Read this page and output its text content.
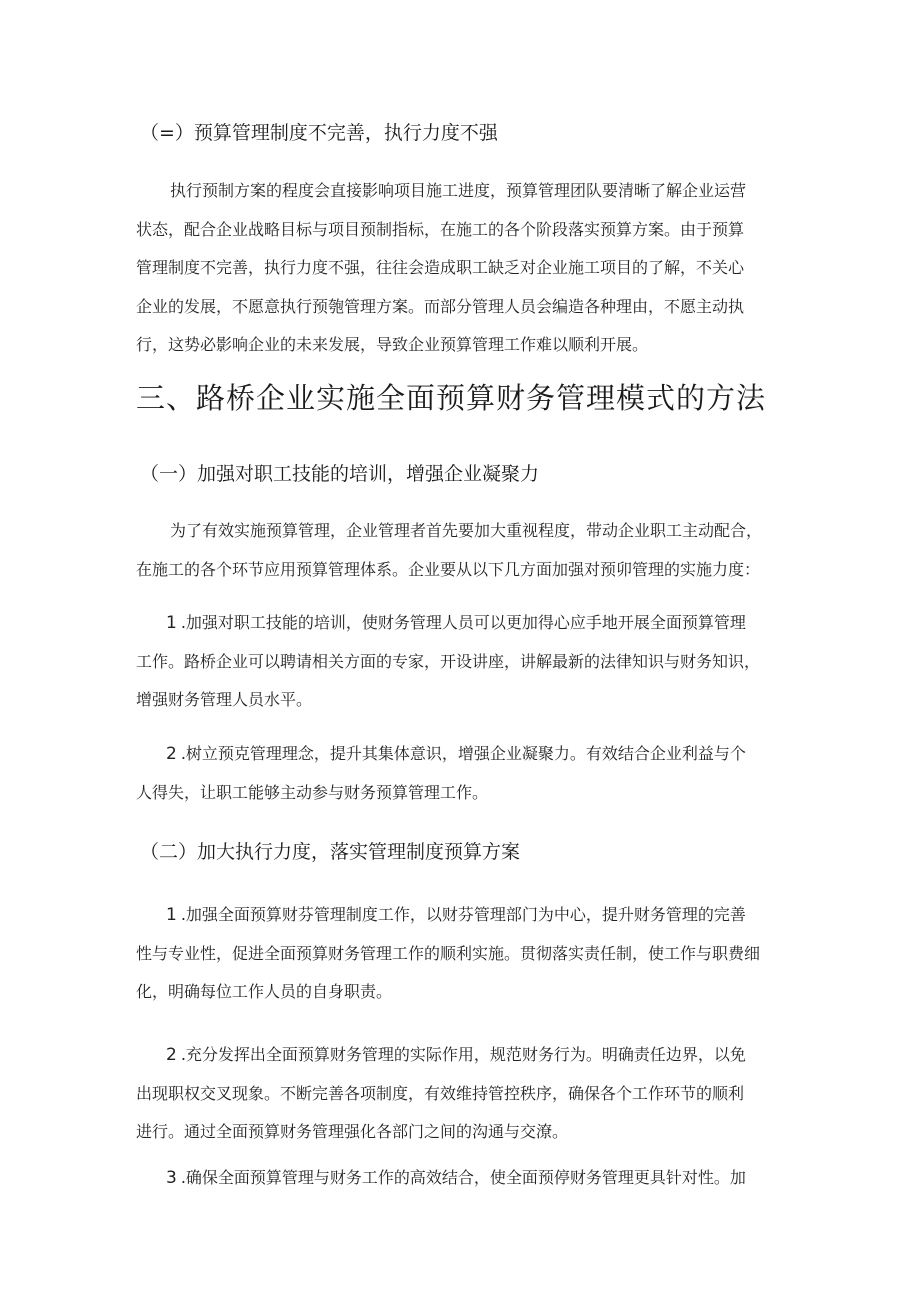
（=）预算管理制度不完善，执行力度不强
执行预制方案的程度会直接影响项目施工进度，预算管理团队要清晰了解企业运营
状态，配合企业战略目标与项目预制指标，在施工的各个阶段落实预算方案。由于预算
管理制度不完善，执行力度不强，往往会造成职工缺乏对企业施工项目的了解，不关心
企业的发展，不愿意执行预匏管理方案。而部分管理人员会编造各种理由，不愿主动执
行，这势必影响企业的未来发展，导致企业预算管理工作难以顺利开展。
三、路桥企业实施全面预算财务管理模式的方法
（一）加强对职工技能的培训，增强企业凝聚力
为了有效实施预算管理，企业管理者首先要加大重视程度，带动企业职工主动配合，
在施工的各个环节应用预算管理体系。企业要从以下几方面加强对预卯管理的实施力度：
1 .加强对职工技能的培训，使财务管理人员可以更加得心应手地开展全面预算管理
工作。路桥企业可以聘请相关方面的专家，开设讲座，讲解最新的法律知识与财务知识，
增强财务管理人员水平。
2 .树立预克管理理念，提升其集体意识，增强企业凝聚力。有效结合企业利益与个
人得失，让职工能够主动参与财务预算管理工作。
（二）加大执行力度，落实管理制度预算方案
1 .加强全面预算财芬管理制度工作，以财芬管理部门为中心，提升财务管理的完善
性与专业性，促进全面预算财务管理工作的顺利实施。贯彻落实责任制，使工作与职费细
化，明确每位工作人员的自身职责。
2 .充分发挥出全面预算财务管理的实际作用，规范财务行为。明确责任边界，以免
出现职权交叉现象。不断完善各项制度，有效维持管控秩序，确保各个工作环节的顺利
进行。通过全面预算财务管理强化各部门之间的沟通与交潦。
3 .确保全面预算管理与财务工作的高效结合，使全面预停财务管理更具针对性。加
